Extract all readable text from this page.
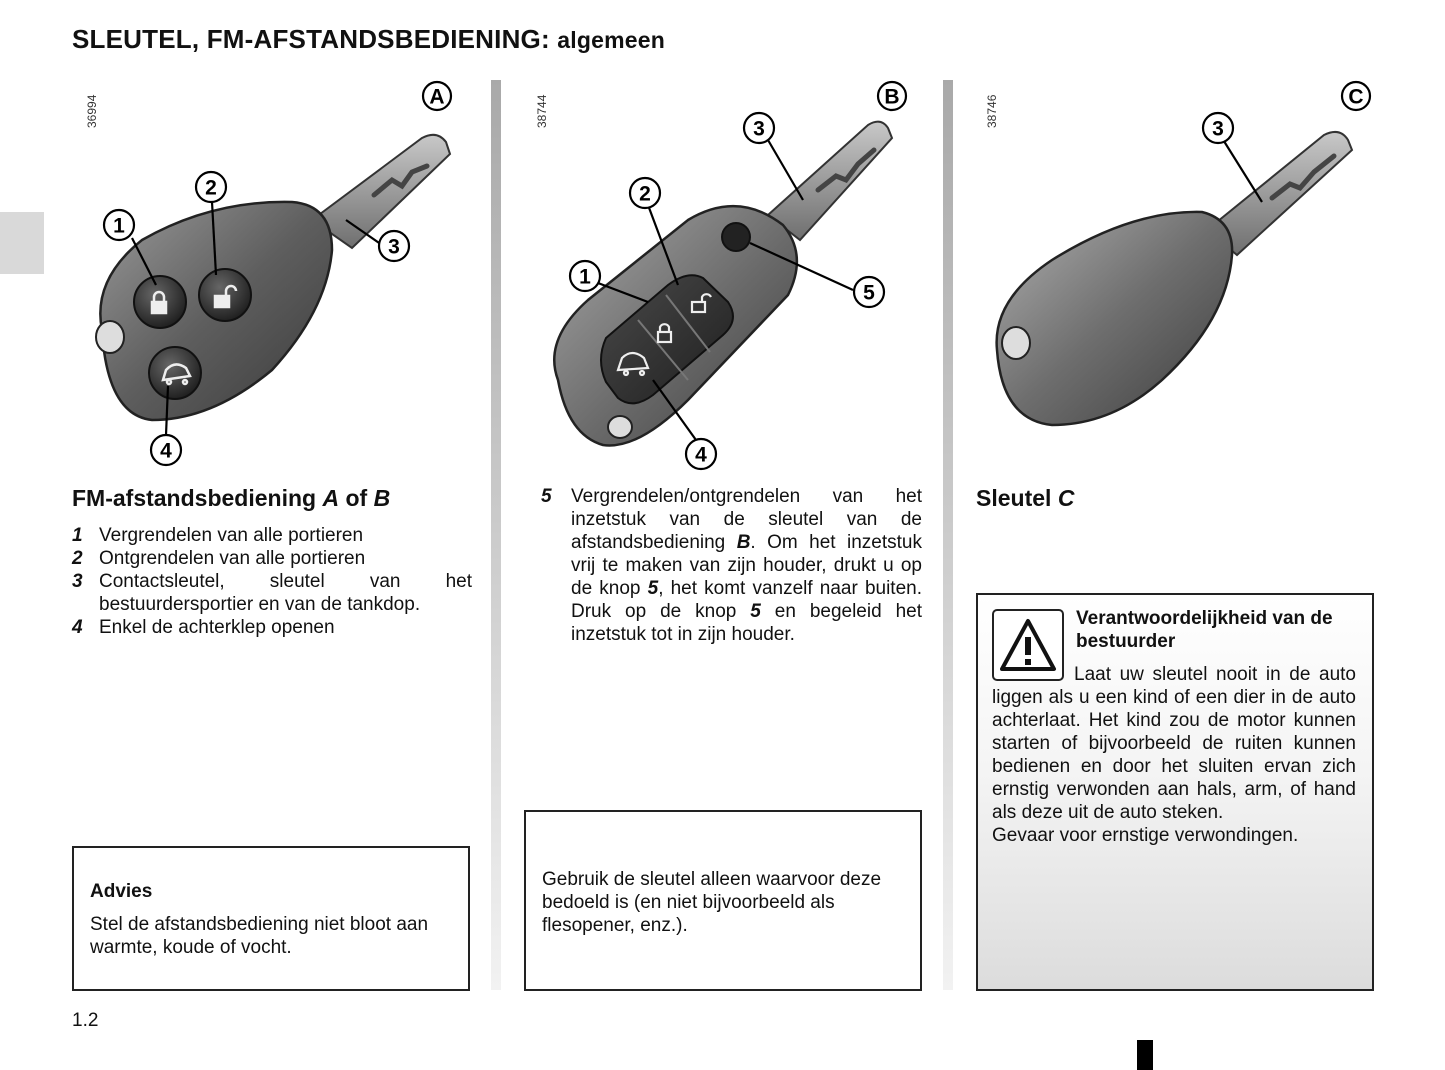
SLEUTEL, FM-AFSTANDSBEDIENING: algemeen
36994	A
1
2
3
4
38744	B
1
2
3
5
4
38746	C
3
FM-afstandsbediening A of B
1 Vergrendelen van alle portieren
2 Ontgrendelen van alle portieren
3 Contactsleutel, sleutel van het bestuurdersportier en van de tankdop.
4 Enkel de achterklep openen
Advies
Stel de afstandsbediening niet bloot aan warmte, koude of vocht.
5	Vergrendelen/ontgrendelen van het inzetstuk van de sleutel van de afstandsbediening B. Om het inzetstuk vrij te maken van zijn houder, drukt u op de knop 5, het komt vanzelf naar buiten. Druk op de knop 5 en begeleid het inzetstuk tot in zijn houder.
Gebruik de sleutel alleen waarvoor deze bedoeld is (en niet bijvoorbeeld als flesopener, enz.).
Sleutel C
Verantwoordelijkheid van de bestuurder
Laat uw sleutel nooit in de auto liggen als u een kind of een dier in de auto achterlaat. Het kind zou de motor kunnen starten of bijvoorbeeld de ruiten kunnen bedienen en door het sluiten ervan zich ernstig verwonden aan hals, arm, of hand als deze uit de auto steken.
Gevaar voor ernstige verwondingen.
1.2
